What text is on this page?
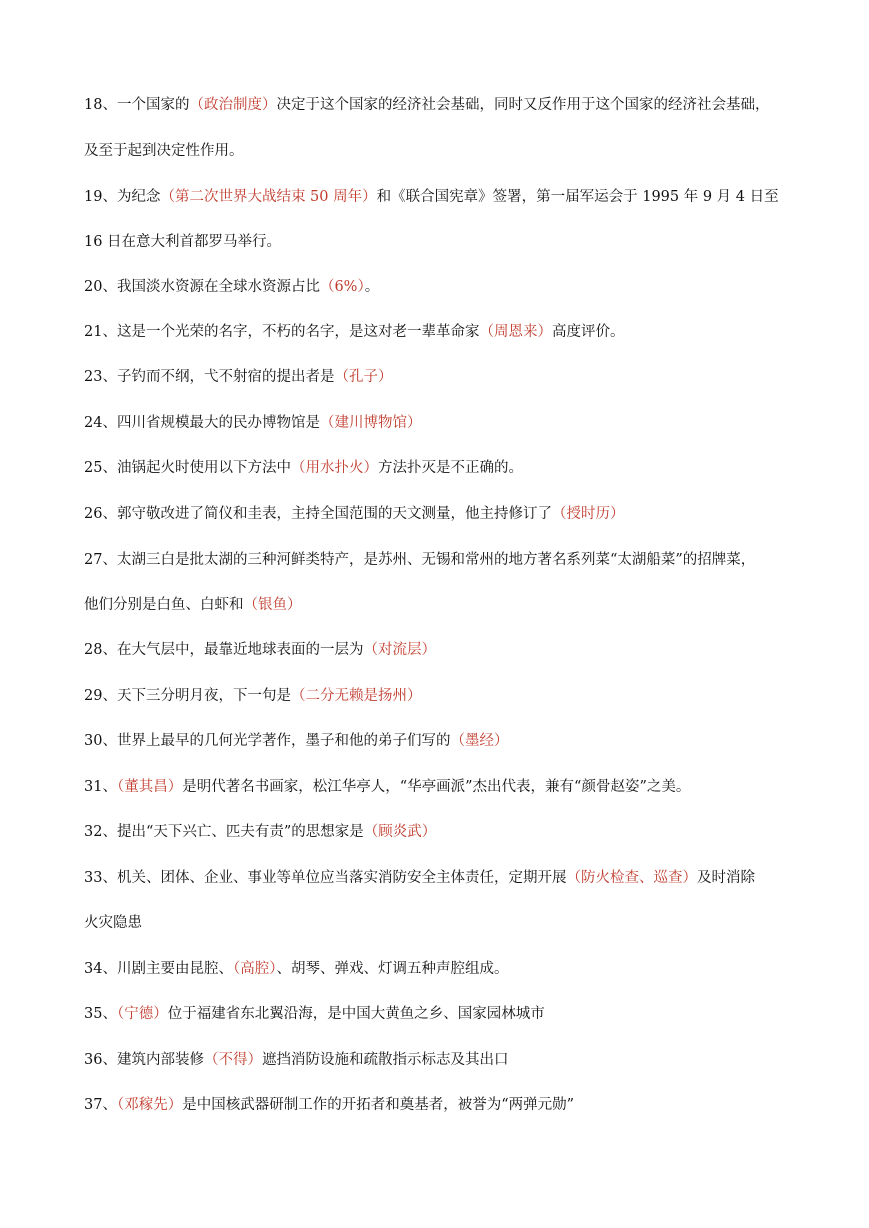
18、一个国家的（政治制度）决定于这个国家的经济社会基础，同时又反作用于这个国家的经济社会基础，
及至于起到决定性作用。
19、为纪念（第二次世界大战结束 50 周年）和《联合国宪章》签署，第一届军运会于 1995 年 9 月 4 日至
16 日在意大利首都罗马举行。
20、我国淡水资源在全球水资源占比（6%）。
21、这是一个光荣的名字，不朽的名字，是这对老一辈革命家（周恩来）高度评价。
23、子钓而不纲，弋不射宿的提出者是（孔子）
24、四川省规模最大的民办博物馆是（建川博物馆）
25、油锅起火时使用以下方法中（用水扑火）方法扑灭是不正确的。
26、郭守敬改进了简仪和圭表，主持全国范围的天文测量，他主持修订了（授时历）
27、太湖三白是批太湖的三种河鲜类特产，是苏州、无锡和常州的地方著名系列菜“太湖船菜”的招牌菜，
他们分别是白鱼、白虾和（银鱼）
28、在大气层中，最靠近地球表面的一层为（对流层）
29、天下三分明月夜，下一句是（二分无赖是扬州）
30、世界上最早的几何光学著作，墨子和他的弟子们写的（墨经）
31、（董其昌）是明代著名书画家，松江华亭人，“华亭画派”杰出代表，兼有“颜骨赵姿”之美。
32、提出“天下兴亡、匹夫有责”的思想家是（顾炎武）
33、机关、团体、企业、事业等单位应当落实消防安全主体责任，定期开展（防火检查、巡查）及时消除
火灾隐患
34、川剧主要由昆腔、（高腔）、胡琴、弹戏、灯调五种声腔组成。
35、（宁德）位于福建省东北翼沿海，是中国大黄鱼之乡、国家园林城市
36、建筑内部装修（不得）遮挡消防设施和疏散指示标志及其出口
37、（邓稼先）是中国核武器研制工作的开拓者和奠基者，被誉为“两弹元勋”
